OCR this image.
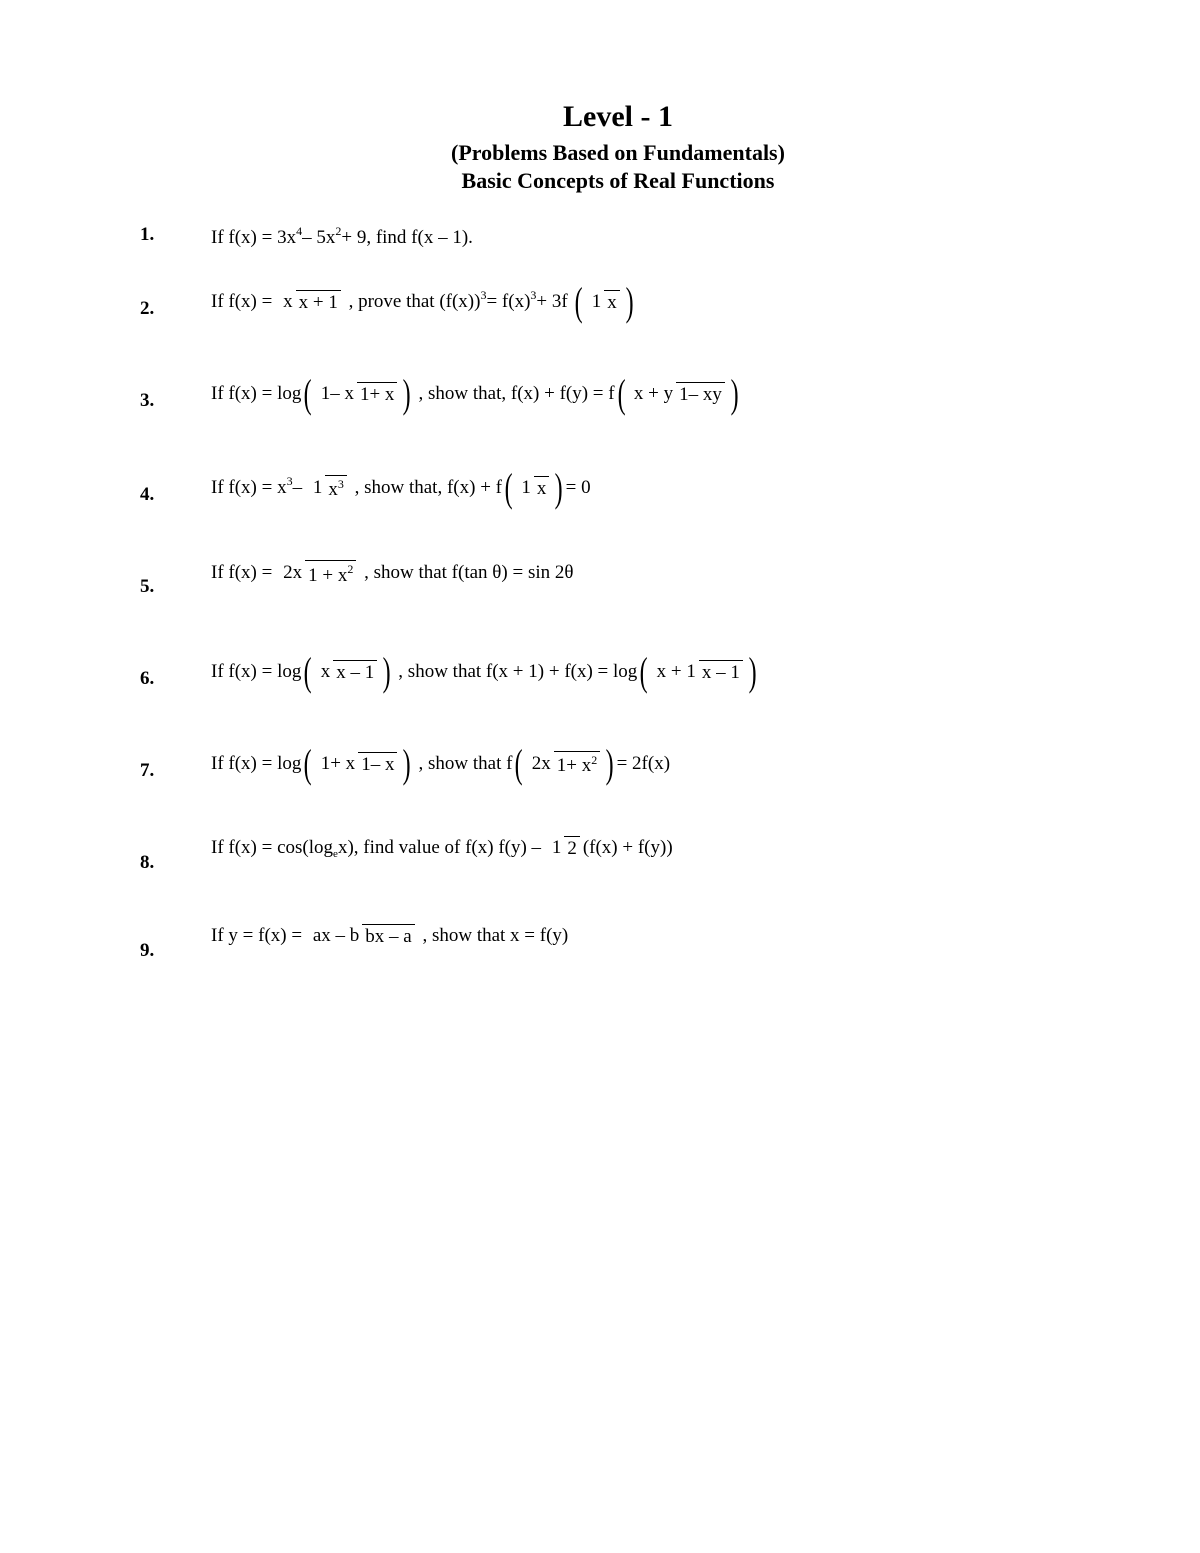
Level - 1
(Problems Based on Fundamentals)
Basic Concepts of Real Functions
1.	If $f(x) = 3x^4-$ $5x^2+ 9$, find f(x – 1).
2.	If f(x) = x x + 1 , prove that $(f(x))^3= f(x)^3+ 3f$ ( 1 x )
3.	If f(x) = log( 1– x 1+ x ) , show that, f(x) + f(y) = f( x + y 1– xy )
4.	If $f(x) = x^3-$ 1 $x^3$ , show that, f(x) + f( 1 x )= 0
5.
If f(x) = 2x $1 + x^2$ , show that f(tan θ) = sin 2θ
6.	If f(x) = log( x x – 1 ) , show that f(x + 1) + f(x) = log( x + 1 x – 1 )
7.	If f(x) = log( 1+ x 1– x ) , show that f( 2x $1+ x^2$ )= 2f(x)
8.
If $f(x) = \cos(\log_ex)$, find value of f(x) f(y) – 1 2 (f(x) + f(y))
9.
If y = f(x) = ax – b bx – a , show that x = f(y)
